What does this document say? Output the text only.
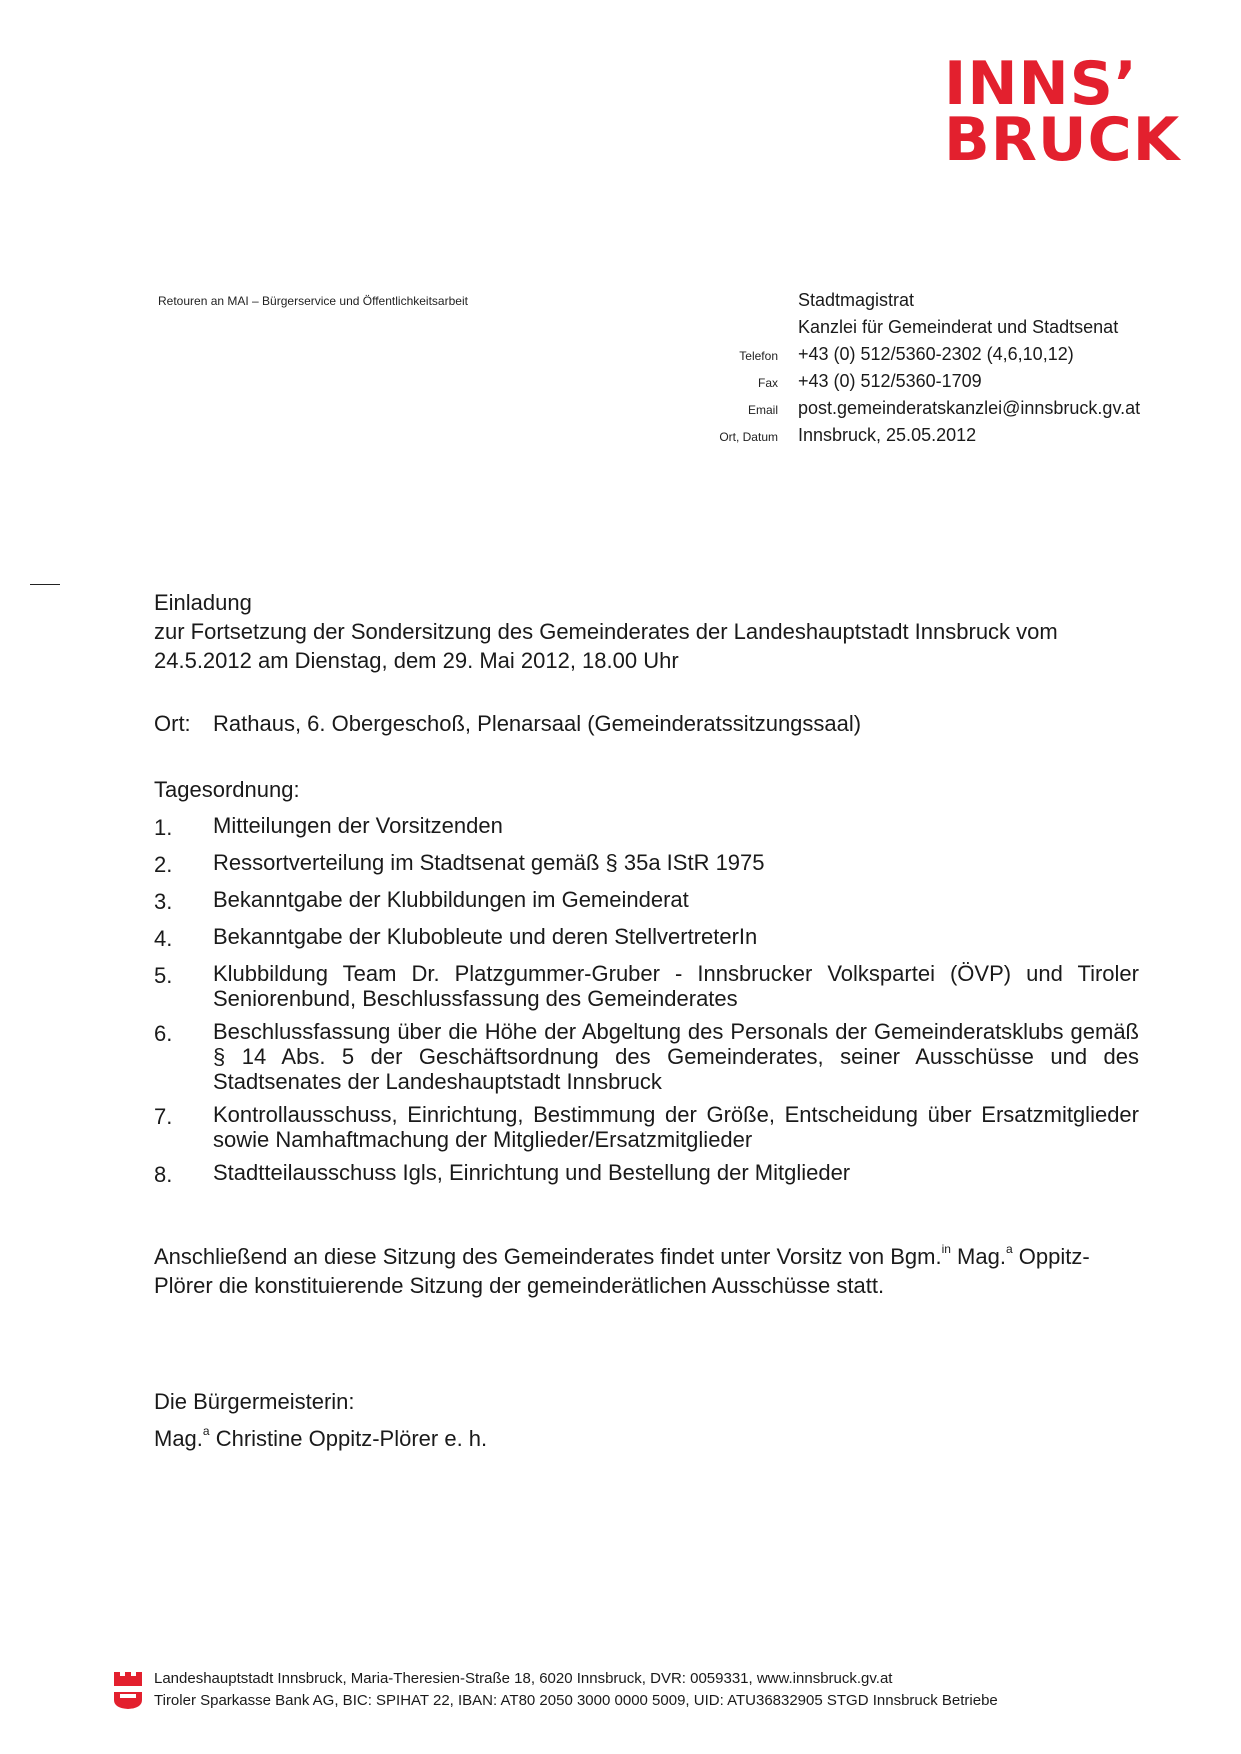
INNS’
BRUCK
Retouren an MAI – Bürgerservice und Öffentlichkeitsarbeit	Stadtmagistrat
Kanzlei für Gemeinderat und Stadtsenat
Telefon	+43 (0) 512/5360-2302 (4,6,10,12)
Fax	+43 (0) 512/5360-1709
Email	post.gemeinderatskanzlei@innsbruck.gv.at
Ort, Datum	Innsbruck, 25.05.2012

Einladung

zur Fortsetzung der Sondersitzung des Gemeinderates der Landeshauptstadt Innsbruck vom

24.5.2012 am Dienstag, dem 29. Mai 2012, 18.00 Uhr

Ort:	Rathaus, 6. Obergeschoß, Plenarsaal (Gemeinderatssitzungssaal)
Tagesordnung:
1.	Mitteilungen der Vorsitzenden
2.	Ressortverteilung im Stadtsenat gemäß § 35a IStR 1975
3.	Bekanntgabe der Klubbildungen im Gemeinderat
4.	Bekanntgabe der Klubobleute und deren StellvertreterIn
5.	Klubbildung Team Dr. Platzgummer-Gruber - Innsbrucker Volkspartei (ÖVP) und Tiroler Seniorenbund, Beschlussfassung des Gemeinderates
6.	Beschlussfassung über die Höhe der Abgeltung des Personals der Gemeinderatsklubs gemäß § 14 Abs. 5 der Geschäftsordnung des Gemeinderates, seiner Ausschüsse und des Stadtsenates der Landeshauptstadt Innsbruck
7.	Kontrollausschuss, Einrichtung, Bestimmung der Größe, Entscheidung über Ersatzmitglieder sowie Namhaftmachung der Mitglieder/Ersatzmitglieder
8.	Stadtteilausschuss Igls, Einrichtung und Bestellung der Mitglieder
Anschließend an diese Sitzung des Gemeinderates findet unter Vorsitz von Bgm.$^{in}$ Mag.$^a$ Oppitz-Plörer die konstituierende Sitzung der gemeinderätlichen Ausschüsse statt.

Die Bürgermeisterin:

Mag.$^a$ Christine Oppitz-Plörer e. h.

Landeshauptstadt Innsbruck, Maria-Theresien-Straße 18, 6020 Innsbruck, DVR: 0059331, www.innsbruck.gv.at
Tiroler Sparkasse Bank AG, BIC: SPIHAT 22, IBAN: AT80 2050 3000 0000 5009, UID: ATU36832905 STGD Innsbruck Betriebe
